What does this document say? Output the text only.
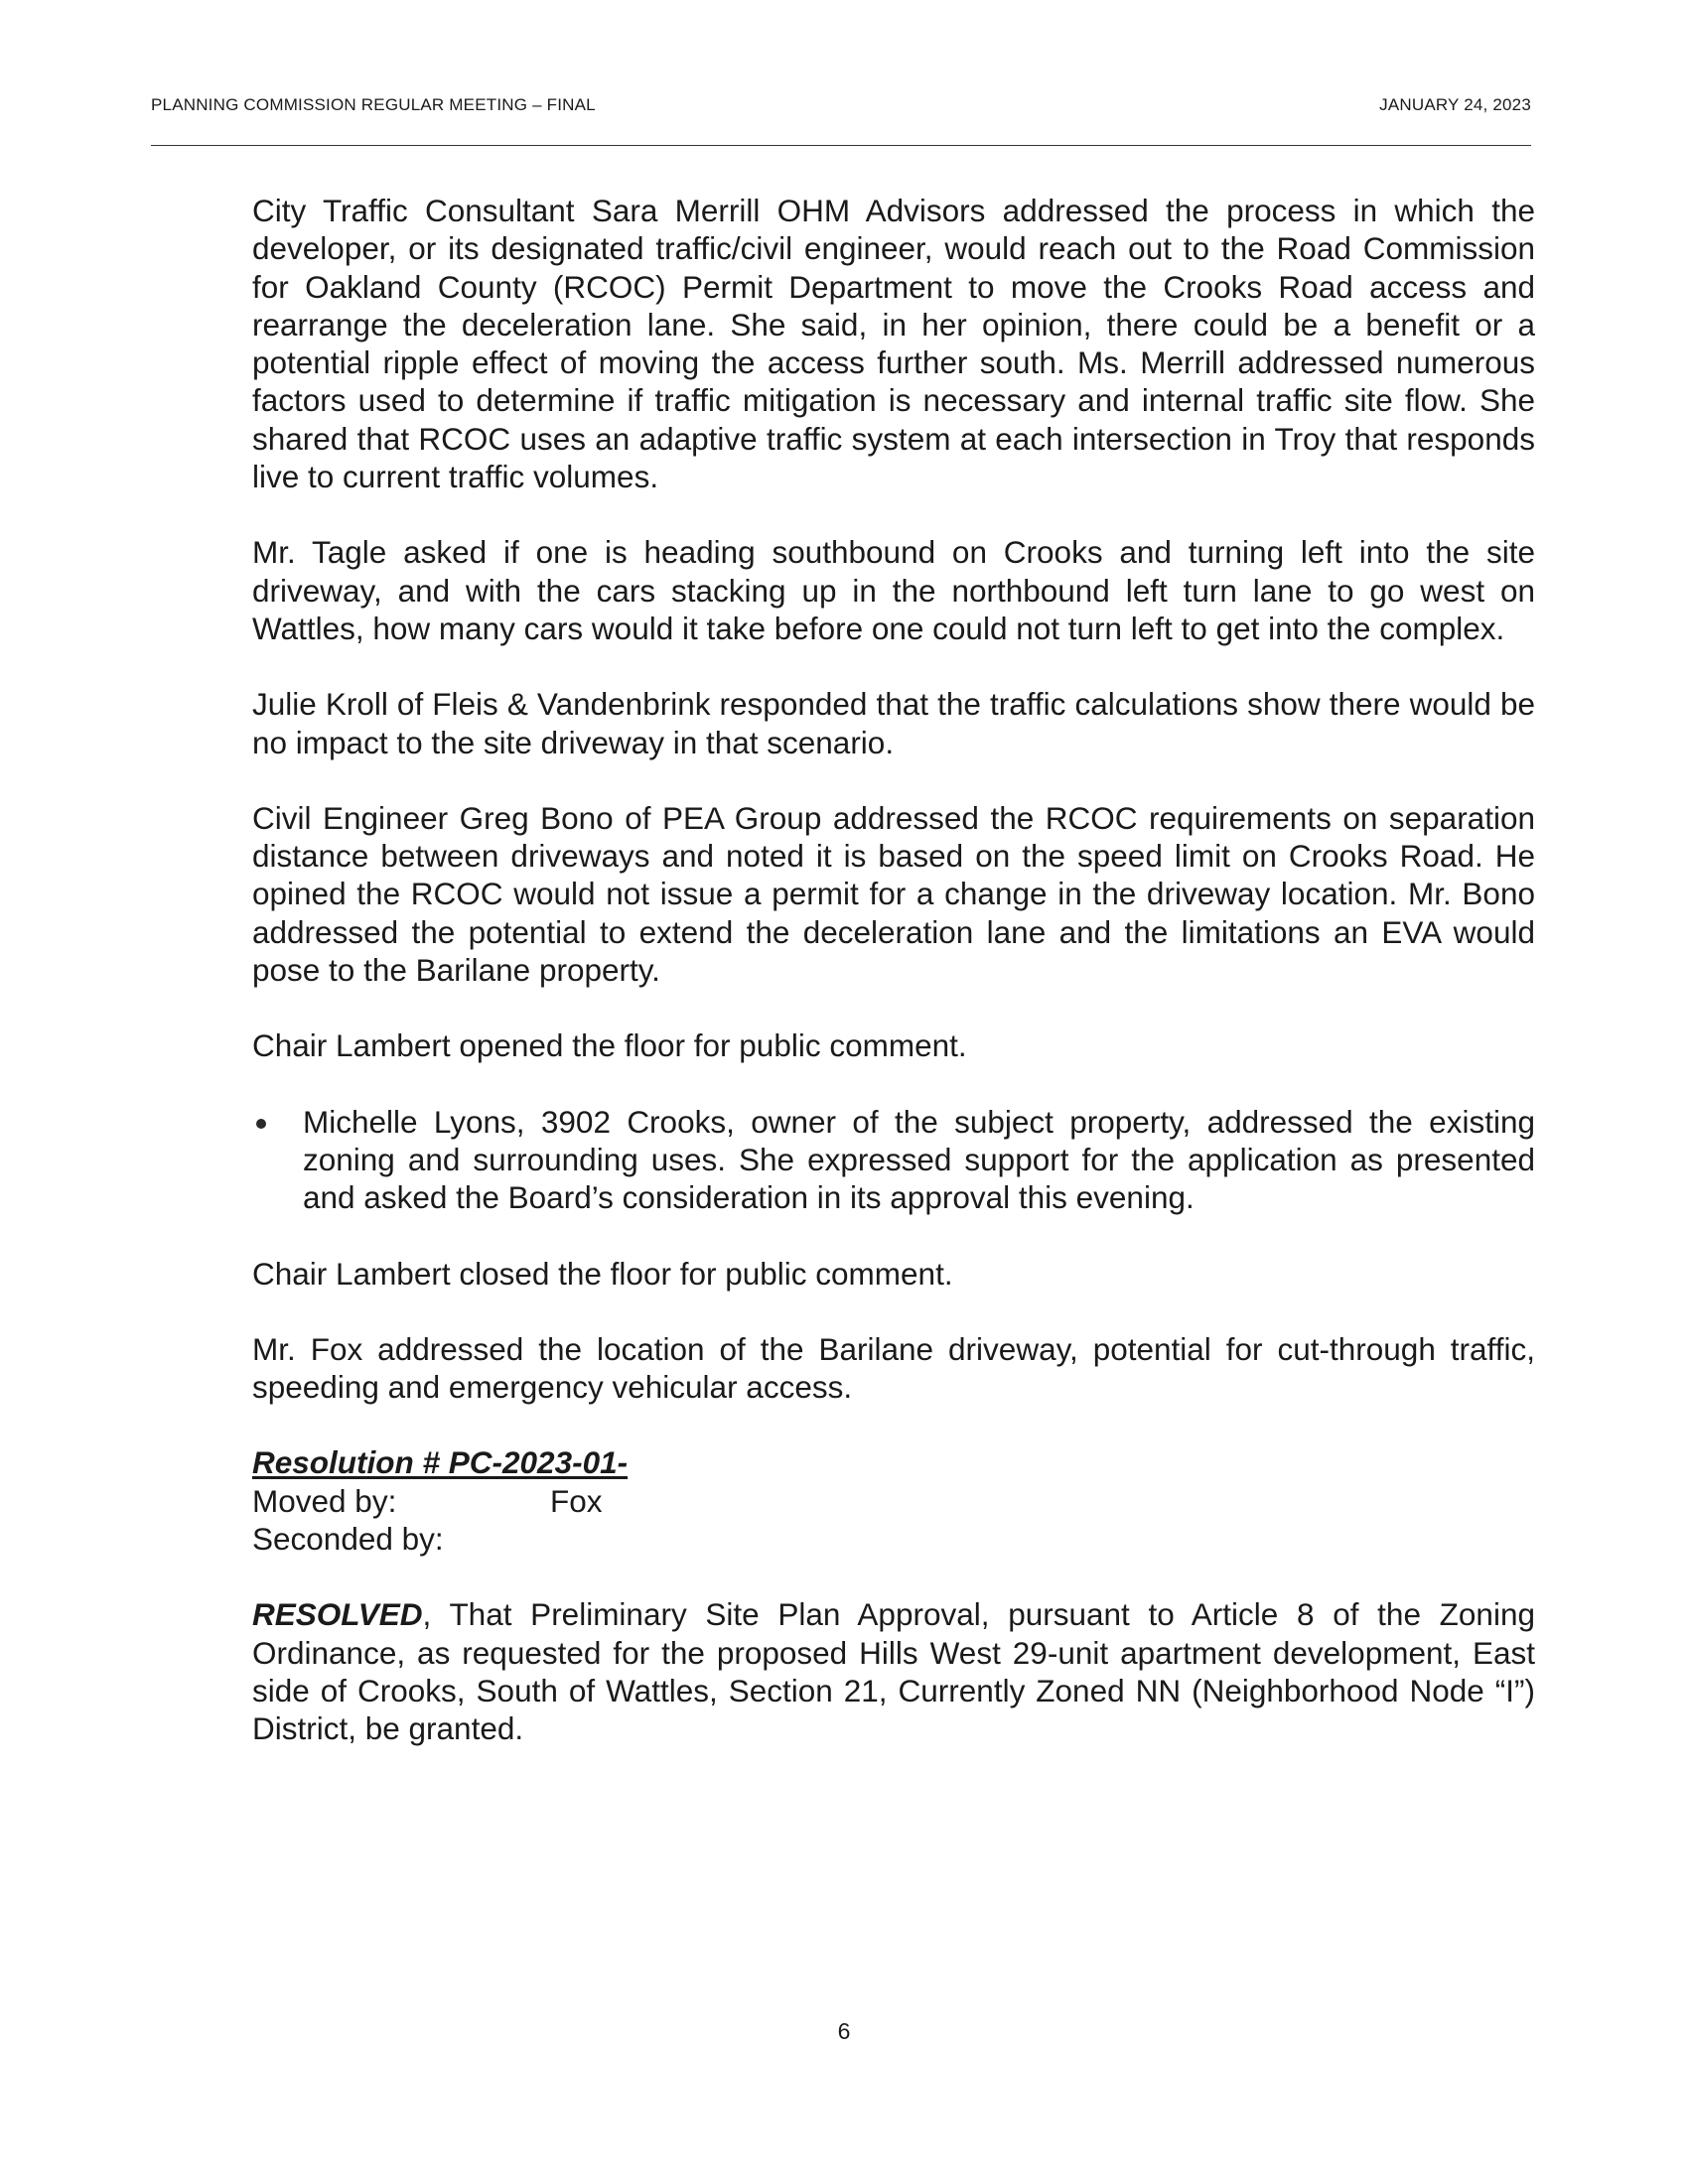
PLANNING COMMISSION REGULAR MEETING – FINAL	JANUARY 24, 2023

City Traffic Consultant Sara Merrill OHM Advisors addressed the process in which the developer, or its designated traffic/civil engineer, would reach out to the Road Commission for Oakland County (RCOC) Permit Department to move the Crooks Road access and rearrange the deceleration lane. She said, in her opinion, there could be a benefit or a potential ripple effect of moving the access further south. Ms. Merrill addressed numerous factors used to determine if traffic mitigation is necessary and internal traffic site flow. She shared that RCOC uses an adaptive traffic system at each intersection in Troy that responds live to current traffic volumes.

Mr. Tagle asked if one is heading southbound on Crooks and turning left into the site driveway, and with the cars stacking up in the northbound left turn lane to go west on Wattles, how many cars would it take before one could not turn left to get into the complex.

Julie Kroll of Fleis & Vandenbrink responded that the traffic calculations show there would be no impact to the site driveway in that scenario.

Civil Engineer Greg Bono of PEA Group addressed the RCOC requirements on separation distance between driveways and noted it is based on the speed limit on Crooks Road. He opined the RCOC would not issue a permit for a change in the driveway location. Mr. Bono addressed the potential to extend the deceleration lane and the limitations an EVA would pose to the Barilane property.

Chair Lambert opened the floor for public comment.

Michelle Lyons, 3902 Crooks, owner of the subject property, addressed the existing zoning and surrounding uses. She expressed support for the application as presented and asked the Board’s consideration in its approval this evening.

Chair Lambert closed the floor for public comment.

Mr. Fox addressed the location of the Barilane driveway, potential for cut-through traffic, speeding and emergency vehicular access.

Resolution # PC-2023-01-
Moved by:	Fox
Seconded by:

RESOLVED, That Preliminary Site Plan Approval, pursuant to Article 8 of the Zoning Ordinance, as requested for the proposed Hills West 29-unit apartment development, East side of Crooks, South of Wattles, Section 21, Currently Zoned NN (Neighborhood Node “I”) District, be granted.

6
